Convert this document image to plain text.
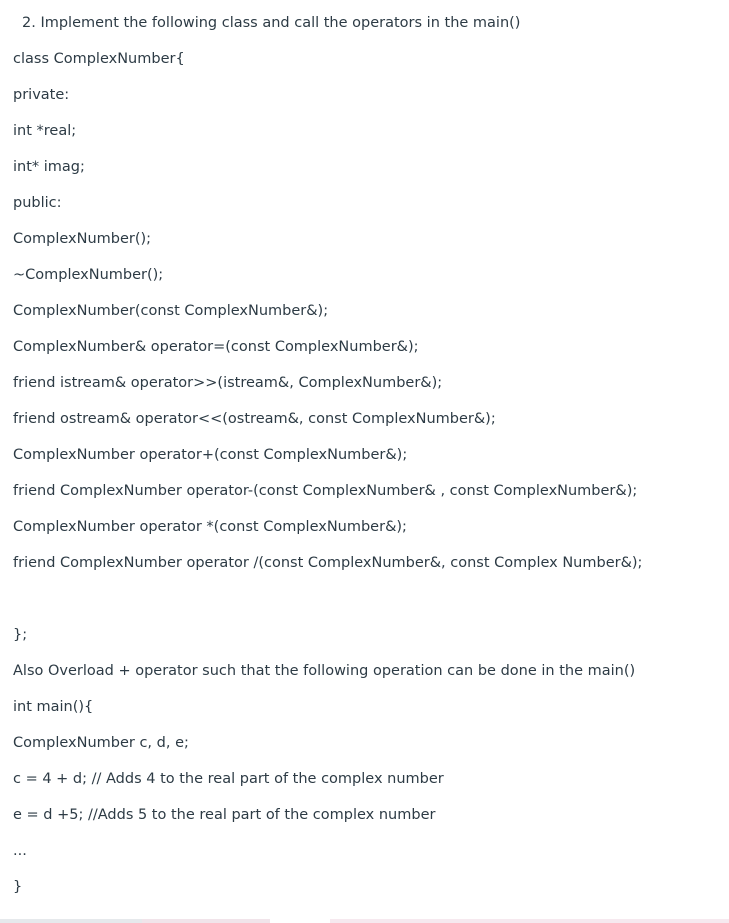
2. Implement the following class and call the operators in the main()
class ComplexNumber{
private:
int *real;
int* imag;
public:
ComplexNumber();
~ComplexNumber();
ComplexNumber(const ComplexNumber&);
ComplexNumber& operator=(const ComplexNumber&);
friend istream& operator>>(istream&, ComplexNumber&);
friend ostream& operator<<(ostream&, const ComplexNumber&);
ComplexNumber operator+(const ComplexNumber&);
friend ComplexNumber operator-(const ComplexNumber& , const ComplexNumber&);
ComplexNumber operator *(const ComplexNumber&);
friend ComplexNumber operator /(const ComplexNumber&, const Complex Number&);
};
Also Overload + operator such that the following operation can be done in the main()
int main(){
ComplexNumber c, d, e;
c = 4 + d; // Adds 4 to the real part of the complex number
e = d +5; //Adds 5 to the real part of the complex number
...
}
